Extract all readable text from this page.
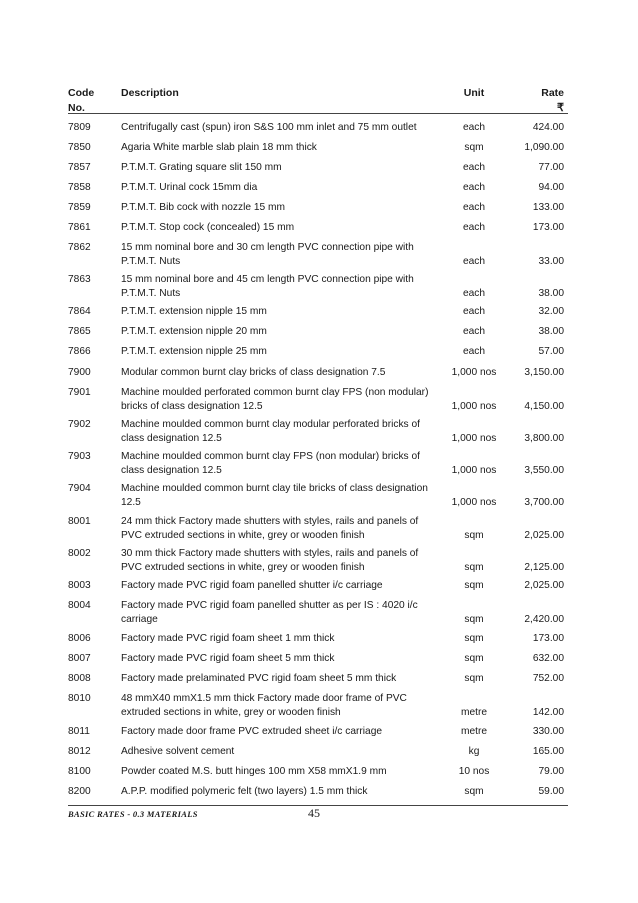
Code
No.
Description	Unit	Rate
₹
7809	Centrifugally cast (spun) iron S&S 100 mm inlet and 75 mm outlet	each	424.00
7850	Agaria White marble slab plain 18 mm thick	sqm	1,090.00
7857	P.T.M.T. Grating square slit 150 mm	each	77.00
7858	P.T.M.T. Urinal cock 15mm dia	each	94.00
7859	P.T.M.T. Bib cock with nozzle 15 mm	each	133.00
7861	P.T.M.T. Stop cock (concealed) 15 mm	each	173.00
7862	15 mm nominal bore and 30 cm length PVC connection pipe with
P.T.M.T. Nuts	each	33.00
7863	15 mm nominal bore and 45 cm length PVC connection pipe with
P.T.M.T. Nuts	each	38.00
7864	P.T.M.T. extension nipple 15 mm	each	32.00
7865	P.T.M.T. extension nipple 20 mm	each	38.00
7866	P.T.M.T. extension nipple 25 mm	each	57.00
7900	Modular common burnt clay bricks of class designation 7.5	1,000 nos	3,150.00
7901	Machine moulded perforated common burnt clay FPS (non modular)
bricks of class designation 12.5	1,000 nos	4,150.00
7902	Machine moulded common burnt clay modular perforated bricks of
class designation 12.5	1,000 nos	3,800.00
7903	Machine moulded common burnt clay FPS (non modular) bricks of
class designation 12.5	1,000 nos	3,550.00
7904	Machine moulded common burnt clay tile bricks of class designation
12.5	1,000 nos	3,700.00
8001	24 mm thick Factory made shutters with styles, rails and panels of
PVC extruded sections in white, grey or wooden finish	sqm	2,025.00
8002	30 mm thick Factory made shutters with styles, rails and panels of
PVC extruded sections in white, grey or wooden finish	sqm	2,125.00
8003	Factory made PVC rigid foam panelled shutter i/c carriage	sqm	2,025.00
8004	Factory made PVC rigid foam panelled shutter as per IS : 4020 i/c
carriage	sqm	2,420.00
8006	Factory made PVC rigid foam sheet 1 mm thick	sqm	173.00
8007	Factory made PVC rigid foam sheet 5 mm thick	sqm	632.00
8008	Factory made prelaminated PVC rigid foam sheet 5 mm thick	sqm	752.00
8010	48 mmX40 mmX1.5 mm thick Factory made door frame of PVC
extruded sections in white, grey or wooden finish	metre	142.00
8011	Factory made door frame PVC extruded sheet i/c carriage	metre	330.00
8012	Adhesive solvent cement	kg	165.00
8100	Powder coated M.S. butt hinges 100 mm X58 mmX1.9 mm	10 nos	79.00
8200	A.P.P. modified polymeric felt (two layers) 1.5 mm thick	sqm	59.00
BASIC RATES - 0.3 MATERIALS	45
